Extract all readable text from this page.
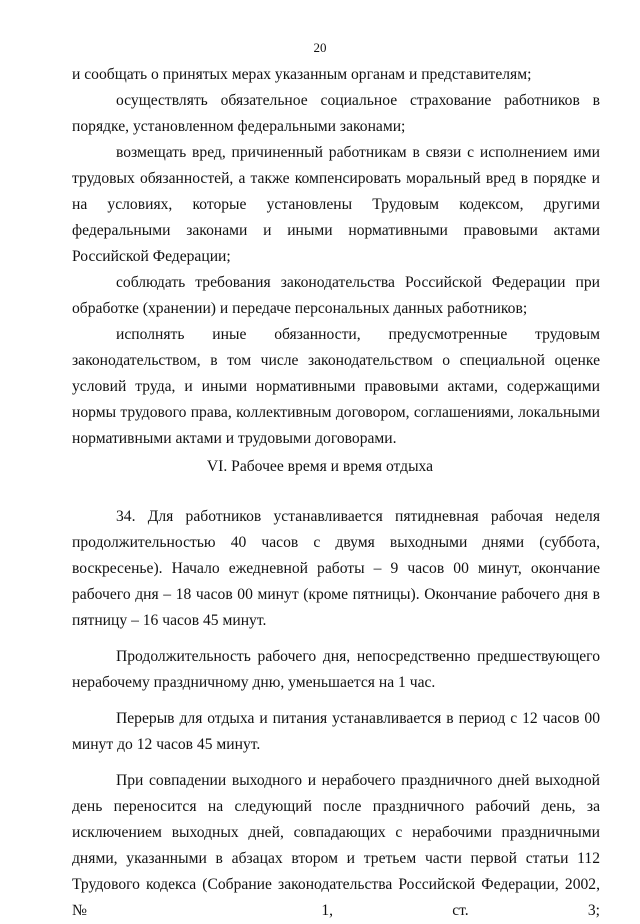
20

и сообщать о принятых мерах указанным органам и представителям;

осуществлять обязательное социальное страхование работников в порядке, установленном федеральными законами;

возмещать вред, причиненный работникам в связи с исполнением ими трудовых обязанностей, а также компенсировать моральный вред в порядке и на условиях, которые установлены Трудовым кодексом, другими федеральными законами и иными нормативными правовыми актами Российской Федерации;

соблюдать требования законодательства Российской Федерации при обработке (хранении) и передаче персональных данных работников;

исполнять иные обязанности, предусмотренные трудовым законодательством, в том числе законодательством о специальной оценке условий труда, и иными нормативными правовыми актами, содержащими нормы трудового права, коллективным договором, соглашениями, локальными нормативными актами и трудовыми договорами.

VI. Рабочее время и время отдыха

34. Для работников устанавливается пятидневная рабочая неделя продолжительностью 40 часов с двумя выходными днями (суббота, воскресенье). Начало ежедневной работы – 9 часов 00 минут, окончание рабочего дня – 18 часов 00 минут (кроме пятницы). Окончание рабочего дня в пятницу – 16 часов 45 минут.

Продолжительность рабочего дня, непосредственно предшествующего нерабочему праздничному дню, уменьшается на 1 час.

Перерыв для отдыха и питания устанавливается в период с 12 часов 00 минут до 12 часов 45 минут.

При совпадении выходного и нерабочего праздничного дней выходной день переносится на следующий после праздничного рабочий день, за исключением выходных дней, совпадающих с нерабочими праздничными днями, указанными в абзацах втором и третьем части первой статьи 112 Трудового кодекса (Собрание законодательства Российской Федерации, 2002, № 1, ст. 3;
